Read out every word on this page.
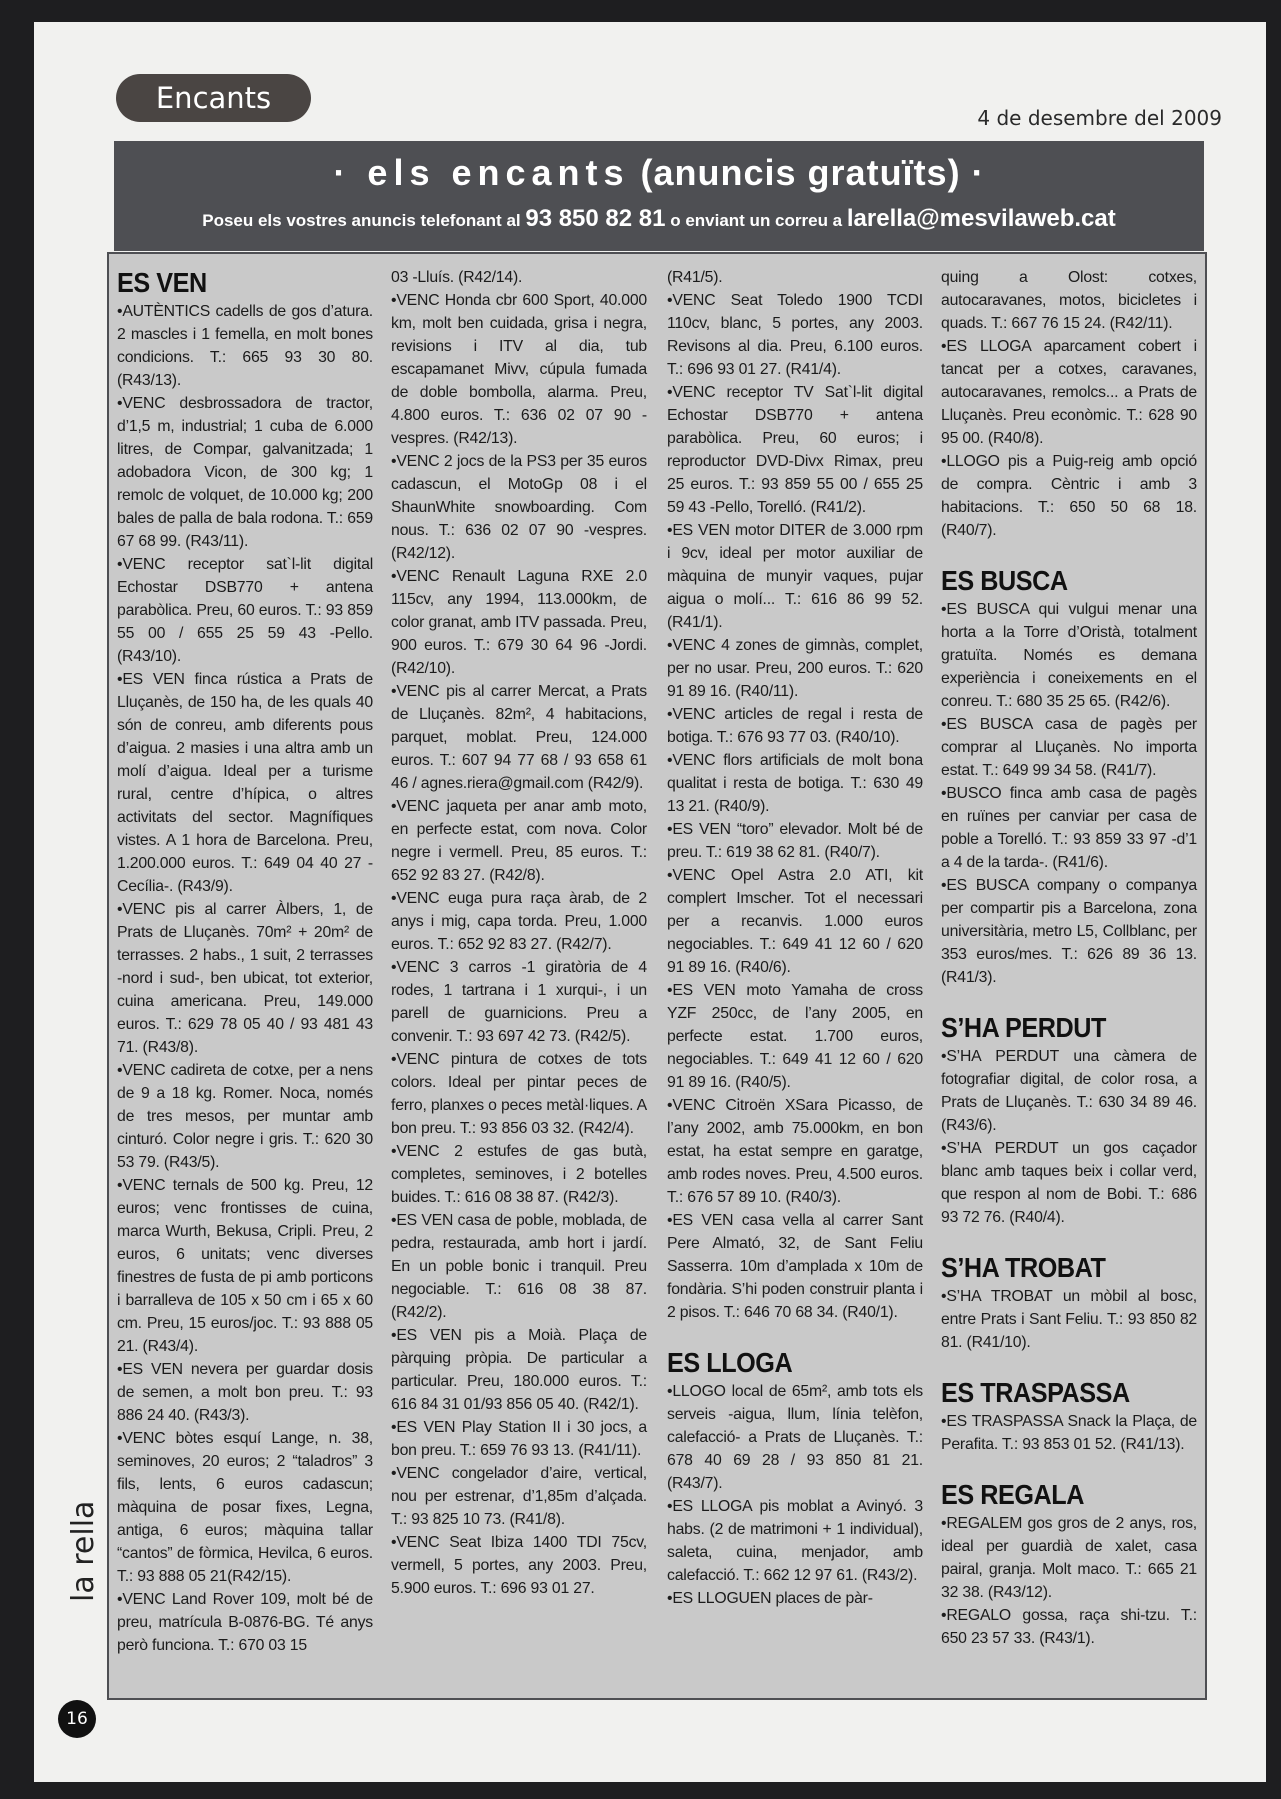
Encants
4 de desembre del 2009
· els encants (anuncis gratuïts) ·
Poseu els vostres anuncis telefonant al 93 850 82 81 o enviant un correu a larella@mesvilaweb.cat
ES VEN

•AUTÈNTICS cadells de gos d’atura. 2 mascles i 1 femella, en molt bones condicions. T.: 665 93 30 80. (R43/13).

•VENC desbrossadora de tractor, d’1,5 m, industrial; 1 cuba de 6.000 litres, de Compar, galvanitzada; 1 adobadora Vicon, de 300 kg; 1 remolc de volquet, de 10.000 kg; 200 bales de palla de bala rodona. T.: 659 67 68 99. (R43/11).

•VENC receptor sat`l-lit digital Echostar DSB770 + antena parabòlica. Preu, 60 euros. T.: 93 859 55 00 / 655 25 59 43 -Pello. (R43/10).

•ES VEN finca rústica a Prats de Lluçanès, de 150 ha, de les quals 40 són de conreu, amb diferents pous d’aigua. 2 masies i una altra amb un molí d’aigua. Ideal per a turisme rural, centre d’hípica, o altres activitats del sector. Magnífiques vistes. A 1 hora de Barcelona. Preu, 1.200.000 euros. T.: 649 04 40 27 -Cecília-. (R43/9).

•VENC pis al carrer Àlbers, 1, de Prats de Lluçanès. 70m² + 20m² de terrasses. 2 habs., 1 suit, 2 terrasses -nord i sud-, ben ubicat, tot exterior, cuina americana. Preu, 149.000 euros. T.: 629 78 05 40 / 93 481 43 71. (R43/8).

•VENC cadireta de cotxe, per a nens de 9 a 18 kg. Romer. Noca, només de tres mesos, per muntar amb cinturó. Color negre i gris. T.: 620 30 53 79. (R43/5).

•VENC ternals de 500 kg. Preu, 12 euros; venc frontisses de cuina, marca Wurth, Bekusa, Cripli. Preu, 2 euros, 6 unitats; venc diverses finestres de fusta de pi amb porticons i barralleva de 105 x 50 cm i 65 x 60 cm. Preu, 15 euros/joc. T.: 93 888 05 21. (R43/4).

•ES VEN nevera per guardar dosis de semen, a molt bon preu. T.: 93 886 24 40. (R43/3).

•VENC bòtes esquí Lange, n. 38, seminoves, 20 euros; 2 “taladros” 3 fils, lents, 6 euros cadascun; màquina de posar fixes, Legna, antiga, 6 euros; màquina tallar “cantos” de fòrmica, Hevilca, 6 euros. T.: 93 888 05 21(R42/15).

•VENC Land Rover 109, molt bé de preu, matrícula B-0876-BG. Té anys però funciona. T.: 670 03 15

03 -Lluís. (R42/14).

•VENC Honda cbr 600 Sport, 40.000 km, molt ben cuidada, grisa i negra, revisions i ITV al dia, tub escapamanet Mivv, cúpula fumada de doble bombolla, alarma. Preu, 4.800 euros. T.: 636 02 07 90 -vespres. (R42/13).

•VENC 2 jocs de la PS3 per 35 euros cadascun, el MotoGp 08 i el ShaunWhite snowboarding. Com nous. T.: 636 02 07 90 -vespres. (R42/12).

•VENC Renault Laguna RXE 2.0 115cv, any 1994, 113.000km, de color granat, amb ITV passada. Preu, 900 euros. T.: 679 30 64 96 -Jordi. (R42/10).

•VENC pis al carrer Mercat, a Prats de Lluçanès. 82m², 4 habitacions, parquet, moblat. Preu, 124.000 euros. T.: 607 94 77 68 / 93 658 61 46 / agnes.riera@gmail.com (R42/9).

•VENC jaqueta per anar amb moto, en perfecte estat, com nova. Color negre i vermell. Preu, 85 euros. T.: 652 92 83 27. (R42/8).

•VENC euga pura raça àrab, de 2 anys i mig, capa torda. Preu, 1.000 euros. T.: 652 92 83 27. (R42/7).

•VENC 3 carros -1 giratòria de 4 rodes, 1 tartrana i 1 xurqui-, i un parell de guarnicions. Preu a convenir. T.: 93 697 42 73. (R42/5).

•VENC pintura de cotxes de tots colors. Ideal per pintar peces de ferro, planxes o peces metàl·liques. A bon preu. T.: 93 856 03 32. (R42/4).

•VENC 2 estufes de gas butà, completes, seminoves, i 2 botelles buides. T.: 616 08 38 87. (R42/3).

•ES VEN casa de poble, moblada, de pedra, restaurada, amb hort i jardí. En un poble bonic i tranquil. Preu negociable. T.: 616 08 38 87. (R42/2).

•ES VEN pis a Moià. Plaça de pàrquing pròpia. De particular a particular. Preu, 180.000 euros. T.: 616 84 31 01/93 856 05 40. (R42/1).

•ES VEN Play Station II i 30 jocs, a bon preu. T.: 659 76 93 13. (R41/11).

•VENC congelador d’aire, vertical, nou per estrenar, d’1,85m d’alçada. T.: 93 825 10 73. (R41/8).

•VENC Seat Ibiza 1400 TDI 75cv, vermell, 5 portes, any 2003. Preu, 5.900 euros. T.: 696 93 01 27.

(R41/5).

•VENC Seat Toledo 1900 TCDI 110cv, blanc, 5 portes, any 2003. Revisons al dia. Preu, 6.100 euros. T.: 696 93 01 27. (R41/4).

•VENC receptor TV Sat`l-lit digital Echostar DSB770 + antena parabòlica. Preu, 60 euros; i reproductor DVD-Divx Rimax, preu 25 euros. T.: 93 859 55 00 / 655 25 59 43 -Pello, Torelló. (R41/2).

•ES VEN motor DITER de 3.000 rpm i 9cv, ideal per motor auxiliar de màquina de munyir vaques, pujar aigua o molí... T.: 616 86 99 52. (R41/1).

•VENC 4 zones de gimnàs, complet, per no usar. Preu, 200 euros. T.: 620 91 89 16. (R40/11).

•VENC articles de regal i resta de botiga. T.: 676 93 77 03. (R40/10).

•VENC flors artificials de molt bona qualitat i resta de botiga. T.: 630 49 13 21. (R40/9).

•ES VEN “toro” elevador. Molt bé de preu. T.: 619 38 62 81. (R40/7).

•VENC Opel Astra 2.0 ATI, kit complert Imscher. Tot el necessari per a recanvis. 1.000 euros negociables. T.: 649 41 12 60 / 620 91 89 16. (R40/6).

•ES VEN moto Yamaha de cross YZF 250cc, de l’any 2005, en perfecte estat. 1.700 euros, negociables. T.: 649 41 12 60 / 620 91 89 16. (R40/5).

•VENC Citroën XSara Picasso, de l’any 2002, amb 75.000km, en bon estat, ha estat sempre en garatge, amb rodes noves. Preu, 4.500 euros. T.: 676 57 89 10. (R40/3).

•ES VEN casa vella al carrer Sant Pere Almató, 32, de Sant Feliu Sasserra. 10m d’amplada x 10m de fondària. S’hi poden construir planta i 2 pisos. T.: 646 70 68 34. (R40/1).

ES LLOGA

•LLOGO local de 65m², amb tots els serveis -aigua, llum, línia telèfon, calefacció- a Prats de Lluçanès. T.: 678 40 69 28 / 93 850 81 21. (R43/7).

•ES LLOGA pis moblat a Avinyó. 3 habs. (2 de matrimoni + 1 individual), saleta, cuina, menjador, amb calefacció. T.: 662 12 97 61. (R43/2).

•ES LLOGUEN places de pàr-

quing a Olost: cotxes, autocaravanes, motos, bicicletes i quads. T.: 667 76 15 24. (R42/11).

•ES LLOGA aparcament cobert i tancat per a cotxes, caravanes, autocaravanes, remolcs... a Prats de Lluçanès. Preu econòmic. T.: 628 90 95 00. (R40/8).

•LLOGO pis a Puig-reig amb opció de compra. Cèntric i amb 3 habitacions. T.: 650 50 68 18. (R40/7).

ES BUSCA

•ES BUSCA qui vulgui menar una horta a la Torre d’Oristà, totalment gratuïta. Només es demana experiència i coneixements en el conreu. T.: 680 35 25 65. (R42/6).

•ES BUSCA casa de pagès per comprar al Lluçanès. No importa estat. T.: 649 99 34 58. (R41/7).

•BUSCO finca amb casa de pagès en ruïnes per canviar per casa de poble a Torelló. T.: 93 859 33 97 -d’1 a 4 de la tarda-. (R41/6).

•ES BUSCA company o companya per compartir pis a Barcelona, zona universitària, metro L5, Collblanc, per 353 euros/mes. T.: 626 89 36 13. (R41/3).

S’HA PERDUT

•S’HA PERDUT una càmera de fotografiar digital, de color rosa, a Prats de Lluçanès. T.: 630 34 89 46. (R43/6).

•S’HA PERDUT un gos caçador blanc amb taques beix i collar verd, que respon al nom de Bobi. T.: 686 93 72 76. (R40/4).

S’HA TROBAT

•S’HA TROBAT un mòbil al bosc, entre Prats i Sant Feliu. T.: 93 850 82 81. (R41/10).

ES TRASPASSA

•ES TRASPASSA Snack la Plaça, de Perafita. T.: 93 853 01 52. (R41/13).

ES REGALA

•REGALEM gos gros de 2 anys, ros, ideal per guardià de xalet, casa pairal, granja. Molt maco. T.: 665 21 32 38. (R43/12).

•REGALO gossa, raça shi-tzu. T.: 650 23 57 33. (R43/1).

la rella
16
